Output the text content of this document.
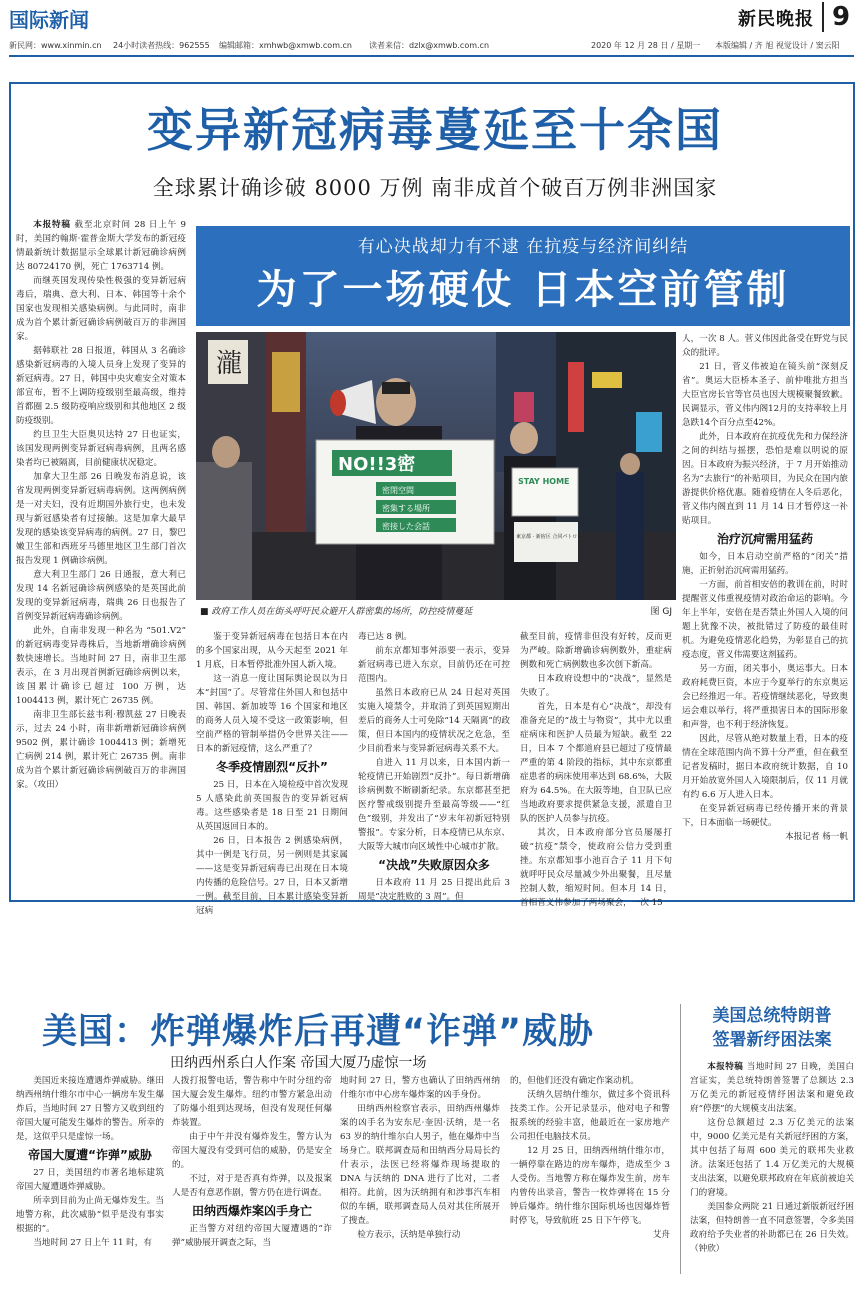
国际新闻	新民晚报 9
新民网：www.xinmin.cn 24小时读者热线：962555 编辑邮箱：xmhwb@xmwb.com.cn 读者来信：dzlx@xmwb.com.cn	2020 年 12 月 28 日 / 星期一 本版编辑 / 齐 旭 视觉设计 / 窦云阳
变异新冠病毒蔓延至十余国
全球累计确诊破 8000 万例 南非成首个破百万例非洲国家

本报特稿 截至北京时间 28 日上午 9 时，美国约翰斯·霍普金斯大学发布的新冠疫情最新统计数据显示全球累计新冠确诊病例达 80724170 例，死亡 1763714 例。

而继英国发现传染性极强的变异新冠病毒后，瑞典、意大利、日本、韩国等十余个国家也发现相关感染病例。与此同时，南非成为首个累计新冠确诊病例破百万的非洲国家。

据韩联社 28 日报道，韩国从 3 名确诊感染新冠病毒的入境人员身上发现了变异的新冠病毒。27 日，韩国中央灾难安全对策本部宣布，暂不上调防疫级别至最高级，维持首都圈 2.5 级防疫响应级别和其他地区 2 级防疫级别。

约旦卫生大臣奥贝达特 27 日也证实，该国发现两例变异新冠病毒病例，且两名感染者均已被隔离，目前健康状况稳定。

加拿大卫生部 26 日晚发布消息说，该省发现两例变异新冠病毒病例。这两例病例是一对夫妇，没有近期国外旅行史，也未发现与新冠感染者有过接触。这是加拿大最早发现的感染该变异病毒的病例。27 日，黎巴嫩卫生部和西班牙马德里地区卫生部门首次报告发现 1 例确诊病例。

意大利卫生部门 26 日通报，意大利已发现 14 名新冠确诊病例感染的是英国此前发现的变异新冠病毒，瑞典 26 日也报告了首例变异新冠病毒确诊病例。

此外，自南非发现一种名为 “501.V2” 的新冠病毒变异毒株后，当地新增确诊病例数快速增长。当地时间 27 日，南非卫生部表示，在 3 月出现首例新冠确诊病例以来，该国累计确诊已超过 100 万例，达 1004413 例，累计死亡 26735 例。

南非卫生部长兹韦利·穆凯兹 27 日晚表示，过去 24 小时，南非新增新冠确诊病例 9502 例，累计确诊 1004413 例；新增死亡病例 214 例，累计死亡 26735 例。南非成为首个累计新冠确诊病例破百万的非洲国家。（攻田）

有心决战却力有不逮 在抗疫与经济间纠结
为了一场硬仗 日本空前管制
瀧
NO!!3密
密閉空間
密集する場所
密接した会話
STAY HOME
東京都 · 新宿区 合同パトロール
■ 政府工作人员在街头呼吁民众避开人群密集的场所，防控疫情蔓延	图 GJ

人，一次 8 人。菅义伟因此备受在野党与民众的批评。

21 日，菅义伟被迫在镜头前“深刻反省”。奥运大臣桥本圣子、前仲唯批方担当大臣官房长官等官员也因大规模聚餐致歉。民调显示，菅义伟内阁12月的支持率较上月急跌14个百分点至42%。

此外，日本政府在抗疫优先和力保经济之间的纠结与摇摆，恐怕是难以明说的原因。日本政府为振兴经济，于 7 月开始推动名为“去旅行”的补贴项目，为民众在国内旅游提供价格优惠。随着疫情在人冬后恶化，菅义伟内阁直到 11 月 14 日才暂停这一补贴项目。

治疗沉疴需用猛药

如今，日本启动空前严格的“闭关”措施，正折射治沉疴需用猛药。

一方面，前首相安倍的教训在前，时时提醒菅义伟重视疫情对政治命运的影响。今年上半年，安倍在是否禁止外国人入境的问题上犹豫不决，被批错过了防疫的最佳时机。为避免疫情恶化趋势，为彰显自己的抗疫态度，菅义伟需要这剂猛药。

另一方面，闭关事小，奥运事大。日本政府耗费巨资，本应于今夏举行的东京奥运会已经推迟一年。若疫情继续恶化，导致奥运会难以举行，将严重损害日本的国际形象和声誉，也不利于经济恢复。

因此，尽管从绝对数量上看，日本的疫情在全球范围内尚不算十分严重，但在截至记者发稿时，据日本政府统计数据，自 10 月开始放宽外国人入境限制后，仅 11 月就有约 6.6 万人进入日本。

在变异新冠病毒已经传播开来的背景下，日本面临一场硬仗。

本报记者 杨一帆

鉴于变异新冠病毒在包括日本在内的多个国家出现，从今天起至 2021 年 1 月底，日本暂停批准外国人新入境。

这一消息一度让国际舆论误以为日本“封国”了。尽管常住外国人和包括中国、韩国、新加坡等 16 个国家和地区的商务人员入境不受这一政策影响，但空前严格的管制举措仍令世界关注——日本的新冠疫情，这么严重了？

冬季疫情剧烈“反扑”

25 日，日本在入境检疫中首次发现 5 人感染此前英国报告的变异新冠病毒。这些感染者是 18 日至 21 日期间从英国返回日本的。

26 日，日本报告 2 例感染病例，其中一例是飞行员，另一例则是其家属——这是变异新冠病毒已出现在日本境内传播的危险信号。27 日，日本又新增一例。截至目前，日本累计感染变异新冠病

毒已达 8 例。

前东京都知事舛添要一表示，变异新冠病毒已进入东京，目前仍还在可控范围内。

虽然日本政府已从 24 日起对英国实施入境禁令，并取消了到英国短期出差后的商务人士可免除“14 天隔离”的政策，但日本国内的疫情状况之危急，至少目前看来与变异新冠病毒关系不大。

自进入 11 月以来，日本国内新一轮疫情已开始剧烈“反扑”。每日新增确诊病例数不断刷新纪录。东京都甚至把医疗警戒级别提升至最高等级——“红色”级别，并发出了“岁末年初新冠特别警报”。专家分析，日本疫情已从东京、大阪等大城市向区域性中心城市扩散。

“决战”失败原因众多

日本政府 11 月 25 日提出此后 3 周是“决定胜败的 3 周”。但

截至目前，疫情非但没有好转，反而更为严峻。除新增确诊病例数外，重症病例数和死亡病例数也多次创下新高。

日本政府设想中的“决战”，显然是失败了。

首先，日本是有心“决战”，却没有准备充足的“战士与物资”，其中尤以重症病床和医护人员最为短缺。截至 22 日，日本 7 个都道府县已超过了疫情最严重的第 4 阶段的指标，其中东京都重症患者的病床使用率达到 68.6%，大阪府为 64.5%。在大阪等地，自卫队已应当地政府要求提供紧急支援，派遣自卫队的医护人员参与抗疫。

其次，日本政府部分官员屡屡打破“抗疫”禁令，使政府公信力受到重挫。东京都知事小池百合子 11 月下旬就呼吁民众尽量减少外出聚餐，且尽量控制人数，缩短时间。但本月 14 日，首相菅义伟参加了两场聚会，一次 15

美国：炸弹爆炸后再遭“诈弹”威胁
田纳西州系白人作案 帝国大厦乃虚惊一场

美国近来接连遭遇炸弹威胁。继田纳西州纳什维尔市中心一辆房车发生爆炸后，当地时间 27 日警方又收到纽约帝国大厦可能发生爆炸的警告。所幸的是，这似乎只是虚惊一场。

帝国大厦遭“诈弹”威胁

27 日，美国纽约市著名地标建筑帝国大厦遭遇炸弹威胁。

所幸到目前为止尚无爆炸发生。当地警方称，此次威胁“似乎是没有事实根据的”。

当地时间 27 日上午 11 时，有

人拨打报警电话，警告称中午时分纽约帝国大厦会发生爆炸。纽约市警方紧急出动了防爆小组到达现场，但没有发现任何爆炸装置。

由于中午并没有爆炸发生，警方认为帝国大厦没有受到可信的威胁，仍是安全的。

不过，对于是否真有炸弹，以及报案人是否有意恶作剧，警方仍在进行调查。

田纳西爆炸案凶手身亡

正当警方对纽约帝国大厦遭遇的“诈弹”威胁展开调查之际，当

地时间 27 日，警方也确认了田纳西州纳什维尔市中心房车爆炸案的凶手身份。

田纳西州检察官表示，田纳西州爆炸案的凶手名为安东尼·奎因·沃纳，是一名 63 岁的纳什维尔白人男子，他在爆炸中当场身亡。联邦调查局和田纳西分局局长约什表示，法医已经将爆炸现场提取的 DNA 与沃纳的 DNA 进行了比对，二者相符。此前，因为沃纳拥有和涉事汽车相似的车辆，联邦调查局人员对其住所展开了搜查。

检方表示，沃纳是单独行动

的，但他们还没有确定作案动机。

沃纳久居纳什维尔，做过多个资讯科技类工作。公开记录显示，他对电子和警报系统的经验丰富，他最近在一家房地产公司担任电脑技术员。

12 月 25 日，田纳西州纳什维尔市，一辆停靠在路边的房车爆炸，造成至少 3 人受伤。当地警方称在爆炸发生前，房车内曾传出录音，警告一枚炸弹将在 15 分钟后爆炸。纳什维尔国际机场也因爆炸暂时停飞，导致航班 25 日下午停飞。

艾舟

美国总统特朗普
签署新纾困法案

本报特稿 当地时间 27 日晚，美国白宫证实，美总统特朗普签署了总额达 2.3 万亿美元的新冠疫情纾困法案和避免政府“停摆”的大规模支出法案。

这份总额超过 2.3 万亿美元的法案中，9000 亿美元是有关新冠纾困的方案，其中包括了每周 600 美元的联邦失业救济。法案还包括了 1.4 万亿美元的大规模支出法案，以避免联邦政府在年底前被迫关门的窘境。

美国参众两院 21 日通过新版新冠纾困法案，但特朗普一直不同意签署，令多美国政府给予失业者的补助都已在 26 日失效。（钟欣）
